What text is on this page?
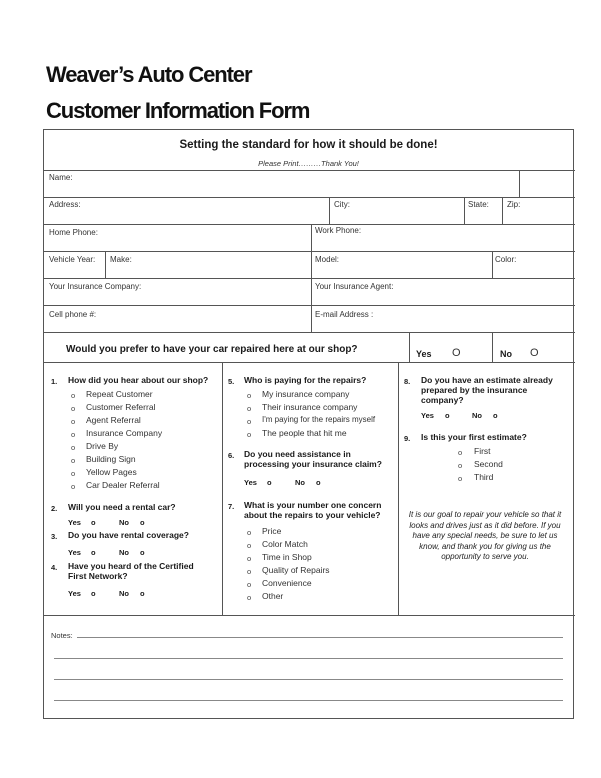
Weaver’s Auto Center
Customer Information Form
Setting the standard for how it should be done!
Please Print………Thank You!
Name:
Address:	City:	State: Zip:
Home Phone:	Work Phone:
Vehicle Year: Make:	Model:	Color:
Your Insurance Company:	Your Insurance Agent:
Cell phone #:	E-mail Address :
Would you prefer to have your car repaired here at our shop?	Yes O	No O
1. How did you hear about our shop?
o Repeat Customer
o Customer Referral
o Agent Referral
o Insurance Company
o Drive By
o Building Sign
o Yellow Pages
o Car Dealer Referral
2. Will you need a rental car?
Yes o	No o
3. Do you have rental coverage?
Yes o	No o
4. Have you heard of the Certified
First Network?
Yes o	No o
5. Who is paying for the repairs?
o My insurance company
o Their insurance company
o I'm paying for the repairs myself
o The people that hit me
6. Do you need assistance in
processing your insurance claim?
Yes o	No o
7. What is your number one concern
about the repairs to your vehicle?
o Price
o Color Match
o Time in Shop
o Quality of Repairs
o Convenience
o Other
8. Do you have an estimate already
prepared by the insurance
company?
Yes o	No o
9. Is this your first estimate?
o First
o Second
o Third
It is our goal to repair your vehicle so that it looks and drives just as it did before. If you have any special needs, be sure to let us know, and thank you for giving us the opportunity to serve you.
Notes:
